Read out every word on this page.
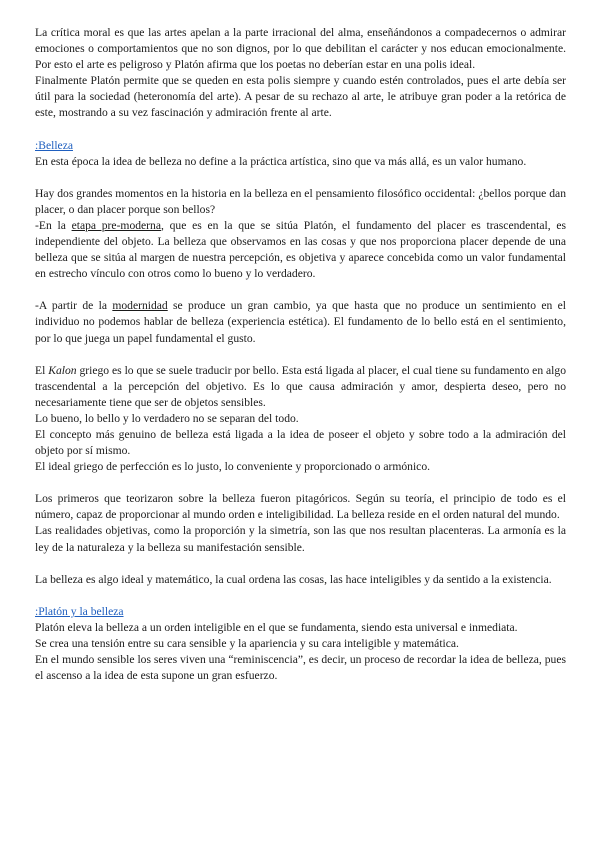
La crítica moral es que las artes apelan a la parte irracional del alma, enseñándonos a compadecernos o admirar emociones o comportamientos que no son dignos, por lo que debilitan el carácter y nos educan emocionalmente. Por esto el arte es peligroso y Platón afirma que los poetas no deberían estar en una polis ideal.

Finalmente Platón permite que se queden en esta polis siempre y cuando estén controlados, pues el arte debía ser útil para la sociedad (heteronomía del arte). A pesar de su rechazo al arte, le atribuye gran poder a la retórica de este, mostrando a su vez fascinación y admiración frente al arte.

:Belleza

En esta época la idea de belleza no define a la práctica artística, sino que va más allá, es un valor humano.

Hay dos grandes momentos en la historia en la belleza en el pensamiento filosófico occidental: ¿bellos porque dan placer, o dan placer porque son bellos?

-En la etapa pre-moderna, que es en la que se sitúa Platón, el fundamento del placer es trascendental, es independiente del objeto. La belleza que observamos en las cosas y que nos proporciona placer depende de una belleza que se sitúa al margen de nuestra percepción, es objetiva y aparece concebida como un valor fundamental en estrecho vínculo con otros como lo bueno y lo verdadero.

-A partir de la modernidad se produce un gran cambio, ya que hasta que no produce un sentimiento en el individuo no podemos hablar de belleza (experiencia estética). El fundamento de lo bello está en el sentimiento, por lo que juega un papel fundamental el gusto.

El Kalon griego es lo que se suele traducir por bello. Esta está ligada al placer, el cual tiene su fundamento en algo trascendental a la percepción del objetivo. Es lo que causa admiración y amor, despierta deseo, pero no necesariamente tiene que ser de objetos sensibles.

Lo bueno, lo bello y lo verdadero no se separan del todo.

El concepto más genuino de belleza está ligada a la idea de poseer el objeto y sobre todo a la admiración del objeto por sí mismo.

El ideal griego de perfección es lo justo, lo conveniente y proporcionado o armónico.

Los primeros que teorizaron sobre la belleza fueron pitagóricos. Según su teoría, el principio de todo es el número, capaz de proporcionar al mundo orden e inteligibilidad. La belleza reside en el orden natural del mundo.

Las realidades objetivas, como la proporción y la simetría, son las que nos resultan placenteras. La armonía es la ley de la naturaleza y la belleza su manifestación sensible.

La belleza es algo ideal y matemático, la cual ordena las cosas, las hace inteligibles y da sentido a la existencia.

:Platón y la belleza

Platón eleva la belleza a un orden inteligible en el que se fundamenta, siendo esta universal e inmediata.

Se crea una tensión entre su cara sensible y la apariencia y su cara inteligible y matemática.

En el mundo sensible los seres viven una “reminiscencia”, es decir, un proceso de recordar la idea de belleza, pues el ascenso a la idea de esta supone un gran esfuerzo.
